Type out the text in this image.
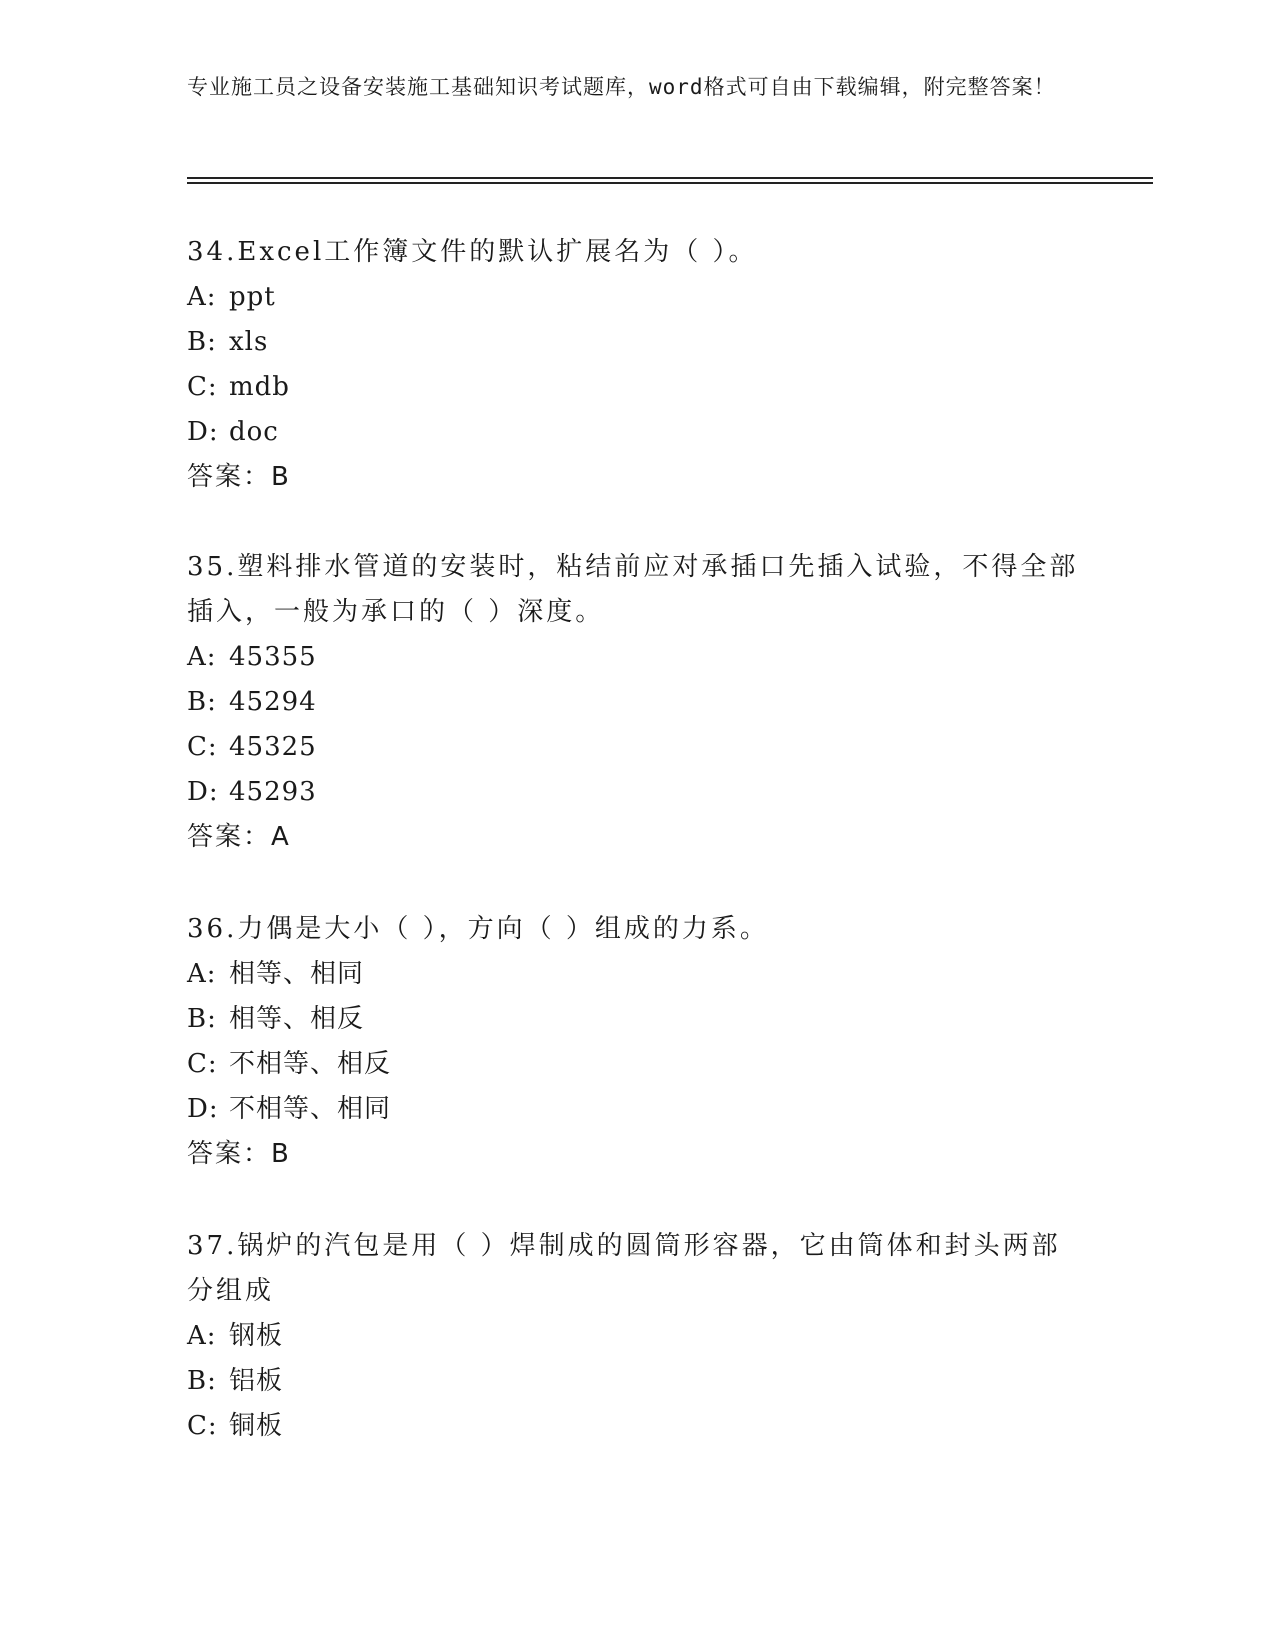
专业施工员之设备安装施工基础知识考试题库，word格式可自由下载编辑，附完整答案！

34.Excel工作簿文件的默认扩展名为（ ）。

A: ppt
B: xls
C: mdb
D: doc
答案：B

35.塑料排水管道的安装时，粘结前应对承插口先插入试验，不得全部插入，一般为承口的（ ）深度。

A: 45355
B: 45294
C: 45325
D: 45293
答案：A

36.力偶是大小（ ），方向（ ）组成的力系。

A: 相等、相同
B: 相等、相反
C: 不相等、相反
D: 不相等、相同
答案：B

37.锅炉的汽包是用（ ）焊制成的圆筒形容器，它由筒体和封头两部分组成

A: 钢板
B: 铝板
C: 铜板
